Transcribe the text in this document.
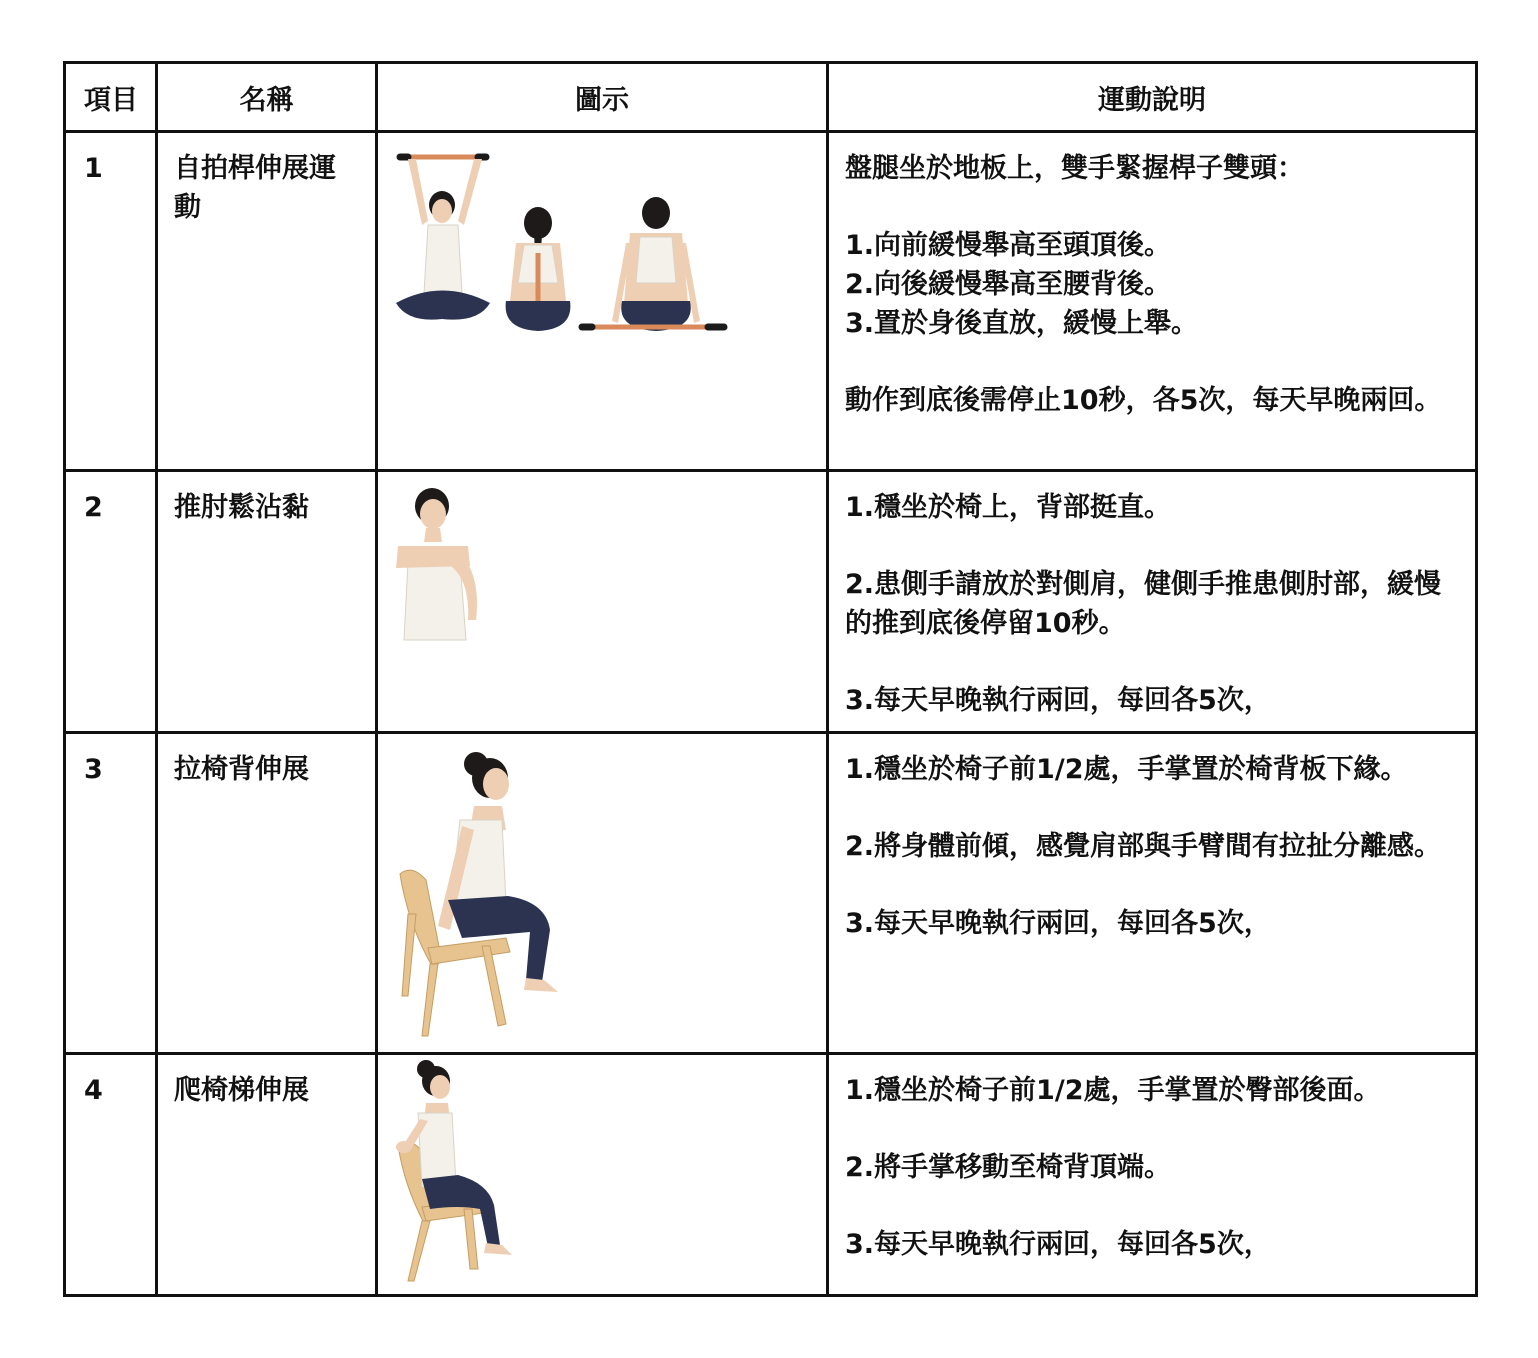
項目	名稱	圖示	運動說明
1	自拍桿伸展運動		盤腿坐於地板上，雙手緊握桿子雙頭：

1.向前緩慢舉高至頭頂後。
2.向後緩慢舉高至腰背後。
3.置於身後直放，緩慢上舉。

動作到底後需停止10秒，各5次，每天早晚兩回。

2	推肘鬆沾黏		1.穩坐於椅上，背部挺直。

2.患側手請放於對側肩，健側手推患側肘部，緩慢的推到底後停留10秒。

3.每天早晚執行兩回，每回各5次，

3	拉椅背伸展		1.穩坐於椅子前1/2處，手掌置於椅背板下緣。

2.將身體前傾，感覺肩部與手臂間有拉扯分離感。

3.每天早晚執行兩回，每回各5次，

4	爬椅梯伸展		1.穩坐於椅子前1/2處，手掌置於臀部後面。

2.將手掌移動至椅背頂端。

3.每天早晚執行兩回，每回各5次，
